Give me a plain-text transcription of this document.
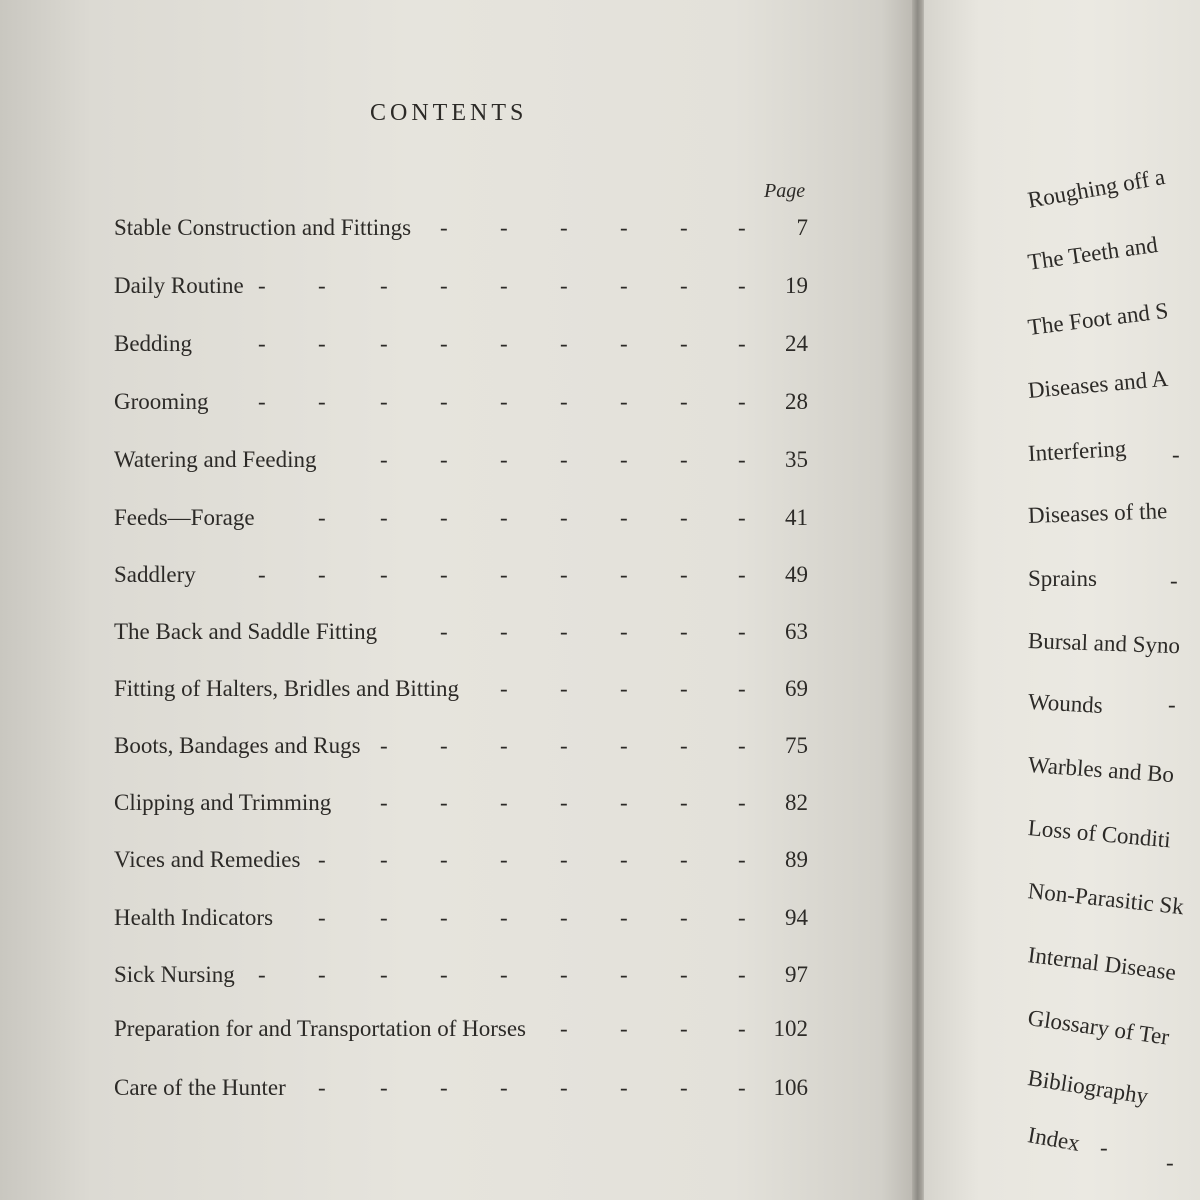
CONTENTS
Page
Stable Construction and Fittings	7
- - - - - -
Daily Routine	19
- - - - - - -
- -
Bedding	24
- - - - - - -
- -
Grooming	28
- - - - - - -
- -
Watering and Feeding	35
- - - - - - -
Feeds—Forage	41
- - - - - - -
-
Saddlery	49
- - - - - - -
- -
The Back and Saddle Fitting	63
- - - - - -
Fitting of Halters, Bridles and Bitting	69
- - - - -
Boots, Bandages and Rugs	75
- - - - - - -
Clipping and Trimming	82
- - - - - - -
Vices and Remedies	89
- - - - - - -
-
Health Indicators	94
- - - - - - -
-
Sick Nursing	97
- - - - - - -
- -
Preparation for and Transportation of Horses	102
- - - -
Care of the Hunter	106
- - - - - - -
-
Roughing off a
The Teeth and
The Foot and S
Diseases and A
Interfering
Diseases of the
Sprains
Bursal and Syno
Wounds
Warbles and Bo
Loss of Conditi
Non-Parasitic Sk
Internal Disease
Glossary of Ter
Bibliography
Index
-
-
-
-
-
